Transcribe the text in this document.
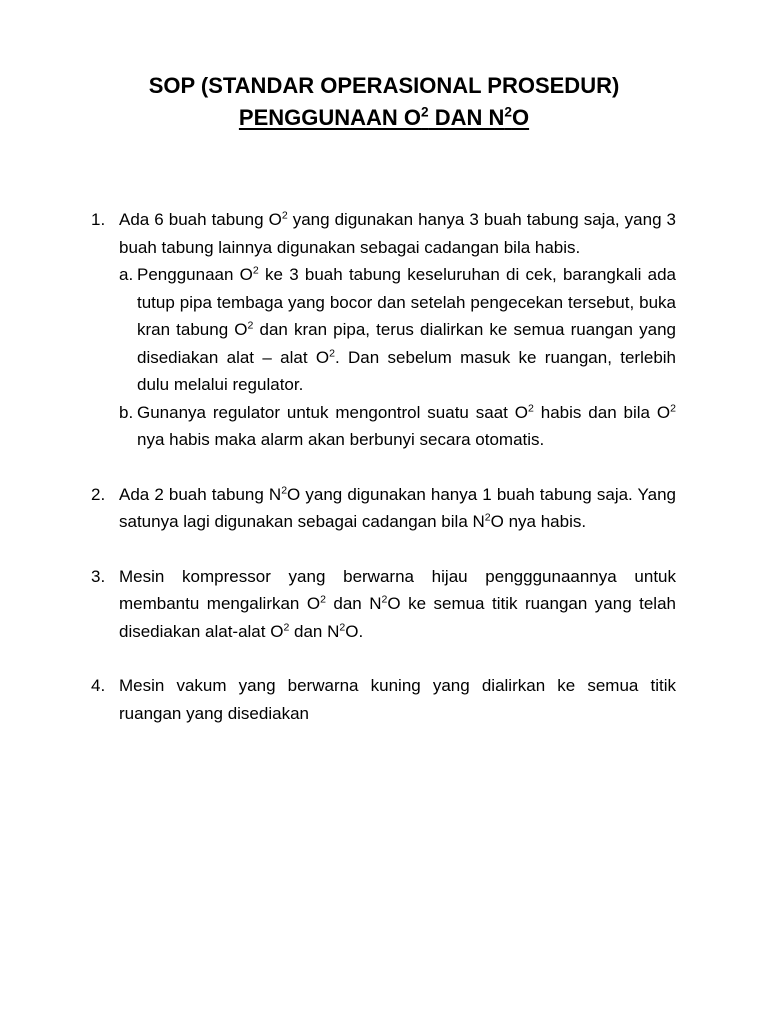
SOP (STANDAR OPERASIONAL PROSEDUR)
PENGGUNAAN $O^2$ DAN $N^2O$
1. Ada 6 buah tabung $O^2$ yang digunakan hanya 3 buah tabung saja, yang 3 buah tabung lainnya digunakan sebagai cadangan bila habis.
a. Penggunaan $O^2$ ke 3 buah tabung keseluruhan di cek, barangkali ada tutup pipa tembaga yang bocor dan setelah pengecekan tersebut, buka kran tabung $O^2$ dan kran pipa, terus dialirkan ke semua ruangan yang disediakan alat – alat $O^2$. Dan sebelum masuk ke ruangan, terlebih dulu melalui regulator.
b. Gunanya regulator untuk mengontrol suatu saat $O^2$ habis dan bila $O^2$ nya habis maka alarm akan berbunyi secara otomatis.
2. Ada 2 buah tabung $N^2O$ yang digunakan hanya 1 buah tabung saja. Yang satunya lagi digunakan sebagai cadangan bila $N^2O$ nya habis.
3. Mesin kompressor yang berwarna hijau pengggunaannya untuk membantu mengalirkan $O^2$ dan $N^2O$ ke semua titik ruangan yang telah disediakan alat-alat $O^2$ dan $N^2O$.
4. Mesin vakum yang berwarna kuning yang dialirkan ke semua titik ruangan yang disediakan
